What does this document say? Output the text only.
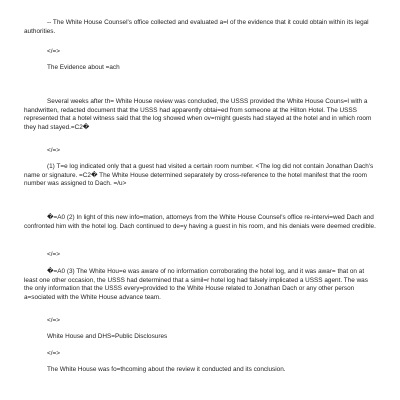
-- The White House Counsel's office collected and evaluated a=l of the evidence that it could obtain within its legal authorities.

</=>

The Evidence about =ach

Several weeks after th= White House review was concluded, the USSS provided the White House Couns=l with a handwritten, redacted document that the USSS had apparently obtai=ed from someone at the Hilton Hotel. The USSS represented that a hotel witness said that the log showed when ov=rnight guests had stayed at the hotel and in which room they had stayed.=C2�

</=>

(1) T=e log indicated only that a guest had visited a certain room number. <The log did not contain Jonathan Dach's name or signature. =C2� The White House determined separately by cross-reference to the hotel manifest that the room number was assigned to Dach. =/u>

�=A0 (2) In light of this new info=mation, attorneys from the White House Counsel's office re-intervi=wed Dach and confronted him with the hotel log. Dach continued to de=y having a guest in his room, and his denials were deemed credible.

</=>

�=A0 (3) The White Hou=e was aware of no information corroborating the hotel log, and it was awar= that on at least one other occasion, the USSS had determined that a simil=r hotel log had falsely implicated a USSS agent. The was the only information that the USSS every=provided to the White House related to Jonathan Dach or any other person a=sociated with the White House advance team.

</=>

White House and DHS=Public Disclosures

</=>

The White House was fo=thcoming about the review it conducted and its conclusion.
